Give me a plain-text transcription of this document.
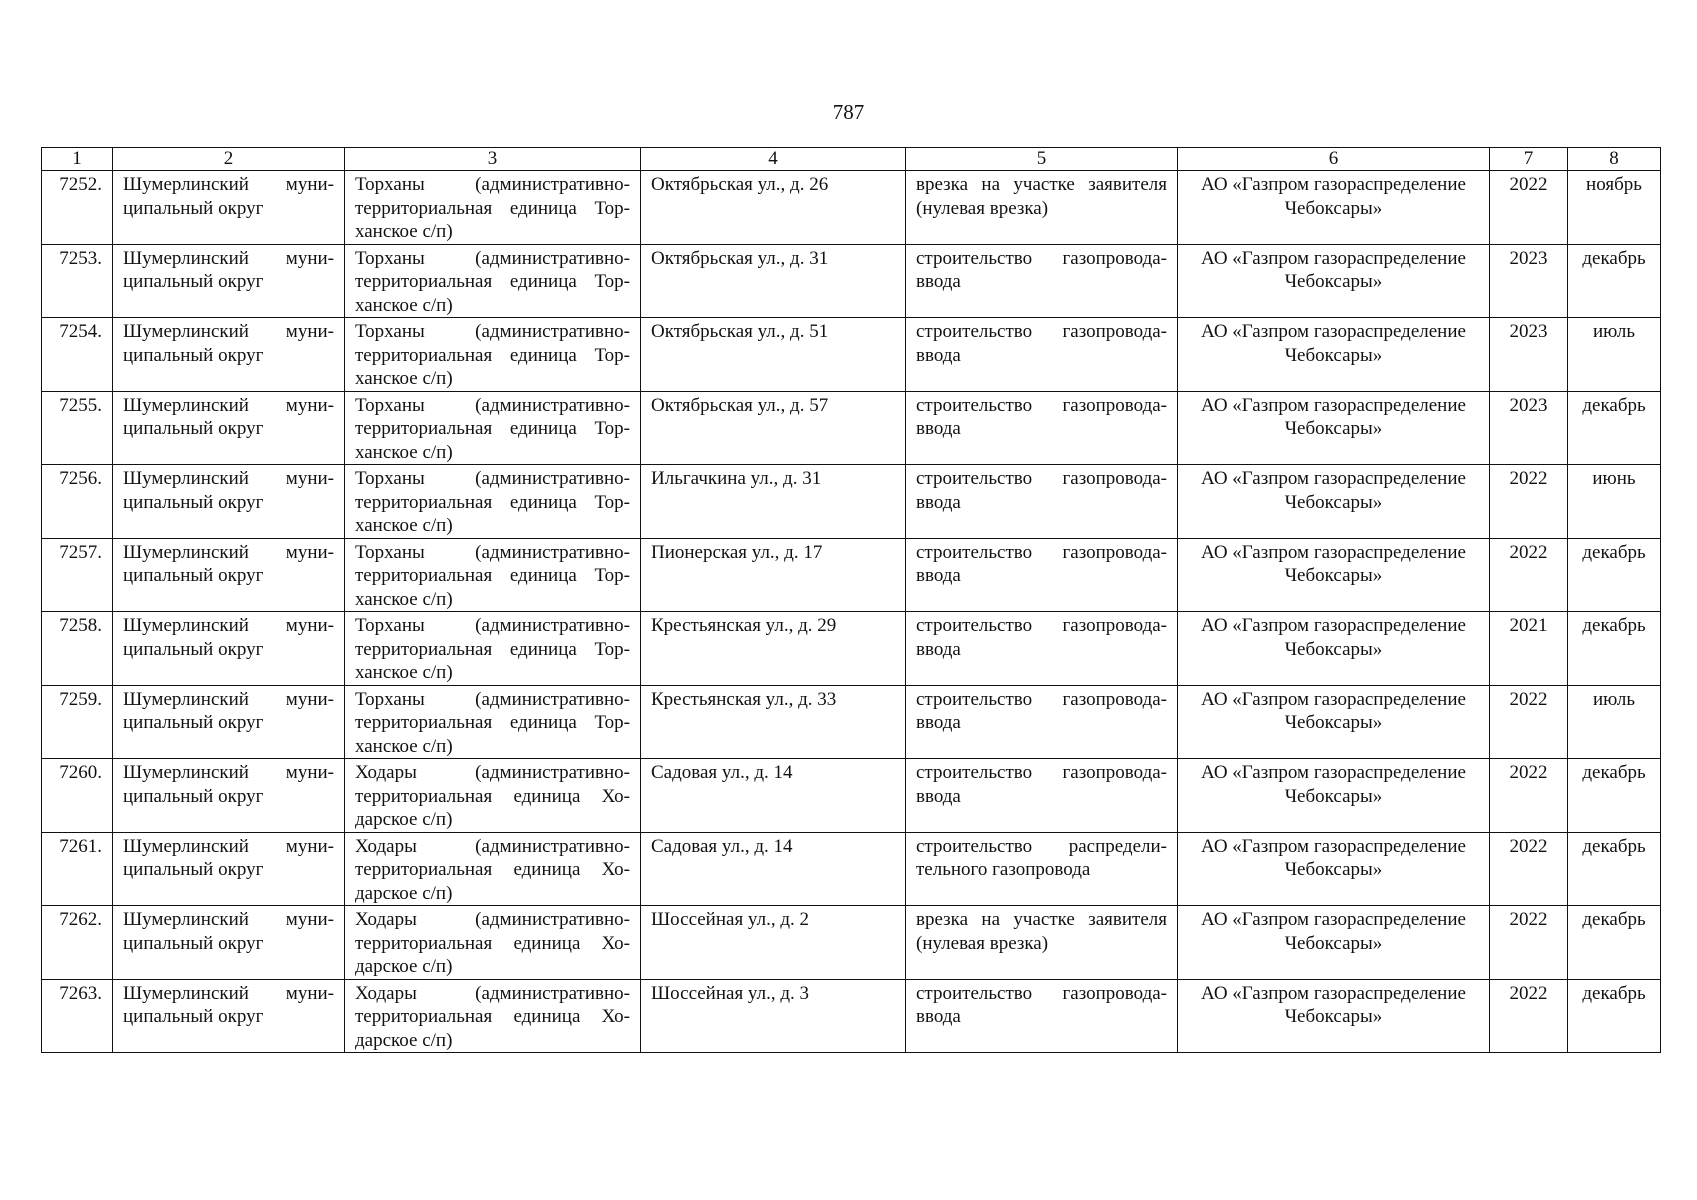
787
1	2	3	4	5	6	7	8
7252.	Шумерлинский муни-ципальный округ	Торханы (административно-территориальная единица Тор-ханское с/п)	Октябрьская ул., д. 26	врезка на участке заявителя (нулевая врезка)	АО «Газпром газораспределение Чебоксары»	2022	ноябрь
7253.	Шумерлинский муни-ципальный округ	Торханы (административно-территориальная единица Тор-ханское с/п)	Октябрьская ул., д. 31	строительство газопровода-ввода	АО «Газпром газораспределение Чебоксары»	2023	декабрь
7254.	Шумерлинский муни-ципальный округ	Торханы (административно-территориальная единица Тор-ханское с/п)	Октябрьская ул., д. 51	строительство газопровода-ввода	АО «Газпром газораспределение Чебоксары»	2023	июль
7255.	Шумерлинский муни-ципальный округ	Торханы (административно-территориальная единица Тор-ханское с/п)	Октябрьская ул., д. 57	строительство газопровода-ввода	АО «Газпром газораспределение Чебоксары»	2023	декабрь
7256.	Шумерлинский муни-ципальный округ	Торханы (административно-территориальная единица Тор-ханское с/п)	Ильгачкина ул., д. 31	строительство газопровода-ввода	АО «Газпром газораспределение Чебоксары»	2022	июнь
7257.	Шумерлинский муни-ципальный округ	Торханы (административно-территориальная единица Тор-ханское с/п)	Пионерская ул., д. 17	строительство газопровода-ввода	АО «Газпром газораспределение Чебоксары»	2022	декабрь
7258.	Шумерлинский муни-ципальный округ	Торханы (административно-территориальная единица Тор-ханское с/п)	Крестьянская ул., д. 29	строительство газопровода-ввода	АО «Газпром газораспределение Чебоксары»	2021	декабрь
7259.	Шумерлинский муни-ципальный округ	Торханы (административно-территориальная единица Тор-ханское с/п)	Крестьянская ул., д. 33	строительство газопровода-ввода	АО «Газпром газораспределение Чебоксары»	2022	июль
7260.	Шумерлинский муни-ципальный округ	Ходары (административно-территориальная единица Хо-дарское с/п)	Садовая ул., д. 14	строительство газопровода-ввода	АО «Газпром газораспределение Чебоксары»	2022	декабрь
7261.	Шумерлинский муни-ципальный округ	Ходары (административно-территориальная единица Хо-дарское с/п)	Садовая ул., д. 14	строительство распредели-тельного газопровода	АО «Газпром газораспределение Чебоксары»	2022	декабрь
7262.	Шумерлинский муни-ципальный округ	Ходары (административно-территориальная единица Хо-дарское с/п)	Шоссейная ул., д. 2	врезка на участке заявителя (нулевая врезка)	АО «Газпром газораспределение Чебоксары»	2022	декабрь
7263.	Шумерлинский муни-ципальный округ	Ходары (административно-территориальная единица Хо-дарское с/п)	Шоссейная ул., д. 3	строительство газопровода-ввода	АО «Газпром газораспределение Чебоксары»	2022	декабрь
